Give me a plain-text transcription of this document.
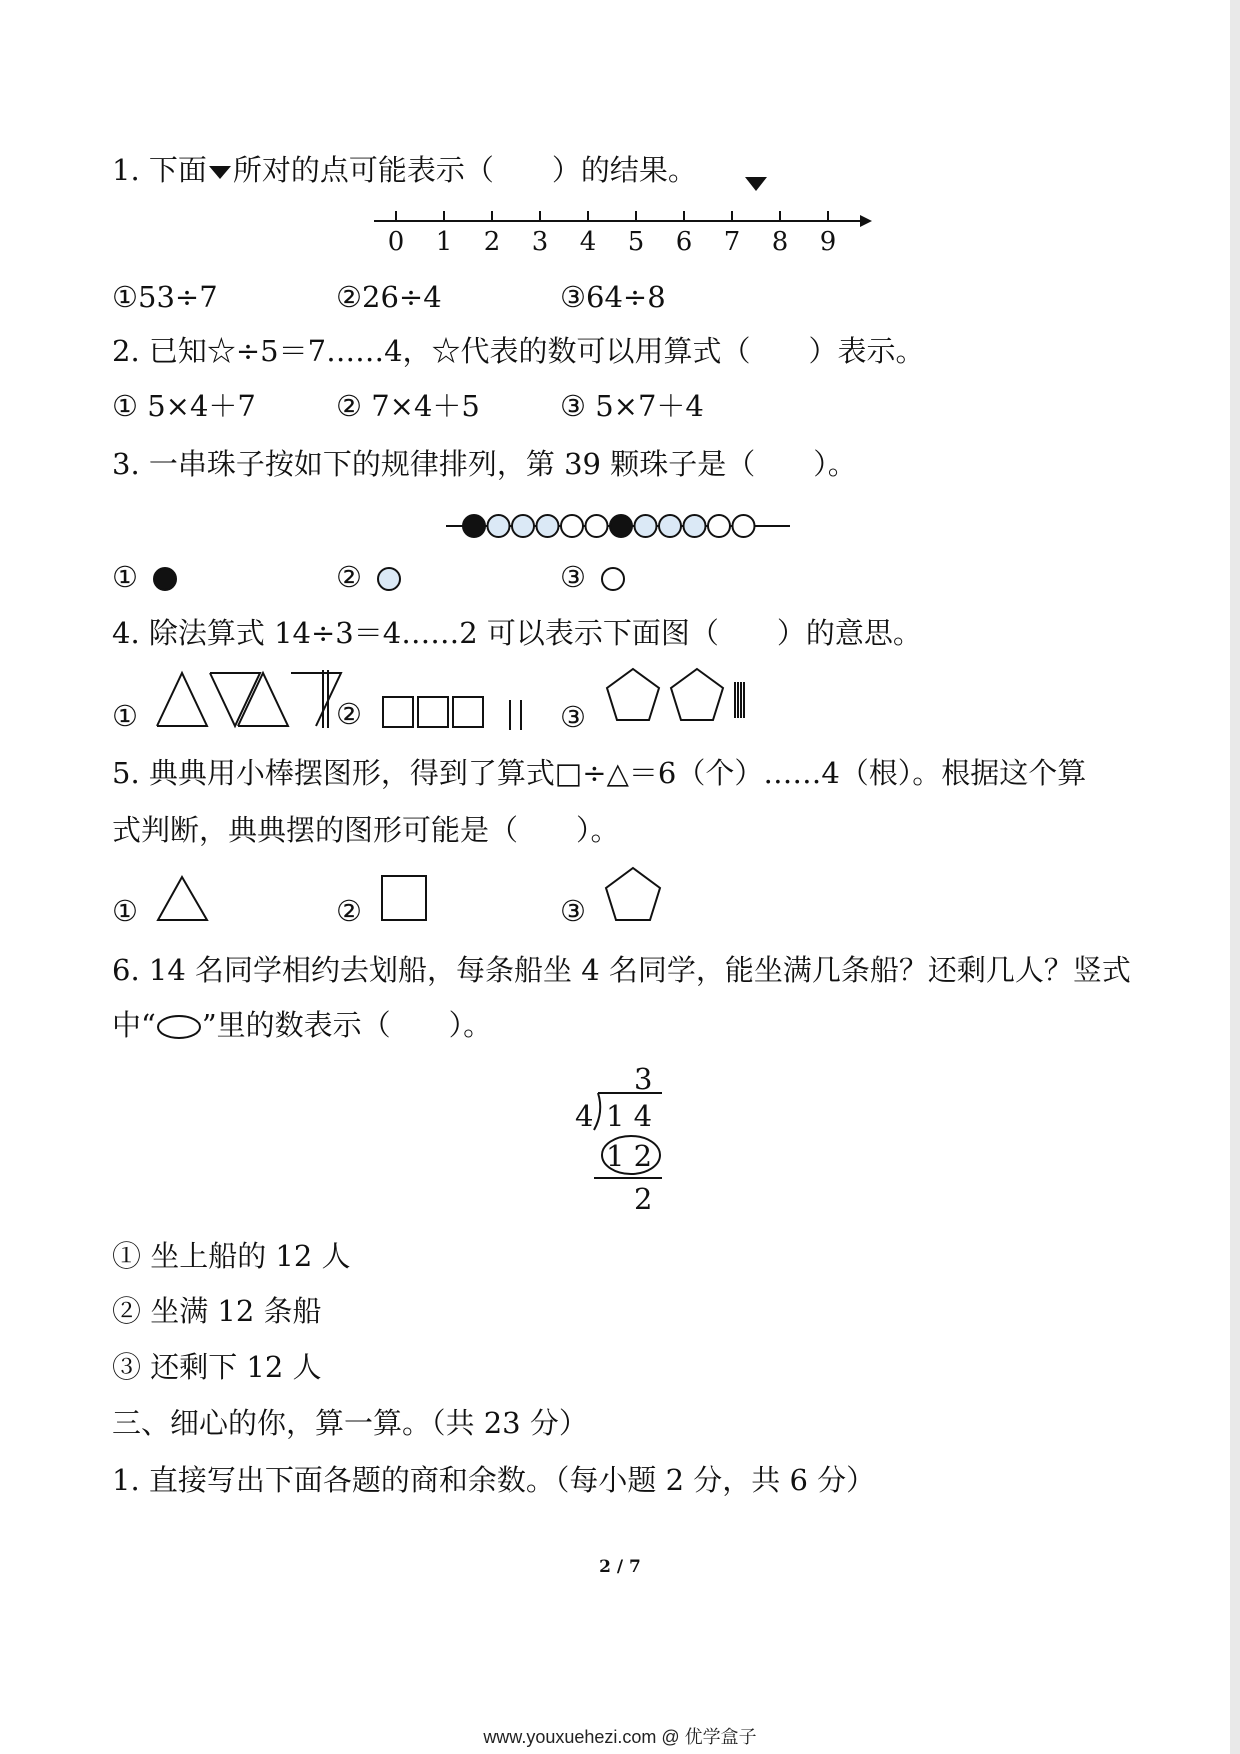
1. 下面 所对的点可能表示（　　）的结果。
0 1 2 3 4 5 6 7 8 9
①53÷7	②26÷4	③64÷8
2. 已知☆÷5＝7……4，☆代表的数可以用算式（　　）表示。
① 5×4＋7	② 7×4＋5	③ 5×7＋4
3. 一串珠子按如下的规律排列，第 39 颗珠子是（　　）。
①	②	③
4. 除法算式 14÷3＝4……2 可以表示下面图（　　）的意思。
①	②	③
5. 典典用小棒摆图形，得到了算式□÷△＝6（个）……4（根）。根据这个算
式判断，典典摆的图形可能是（　　）。
①	②	③
6. 14 名同学相约去划船，每条船坐 4 名同学，能坐满几条船？还剩几人？竖式
中“ ”里的数表示（　　）。
3
4 1 4
1 2
2
① 坐上船的 12 人
② 坐满 12 条船
③ 还剩下 12 人
三、细心的你，算一算。（共 23 分）
1. 直接写出下面各题的商和余数。（每小题 2 分，共 6 分）
2 / 7
www.youxuehezi.com @ 优学盒子
